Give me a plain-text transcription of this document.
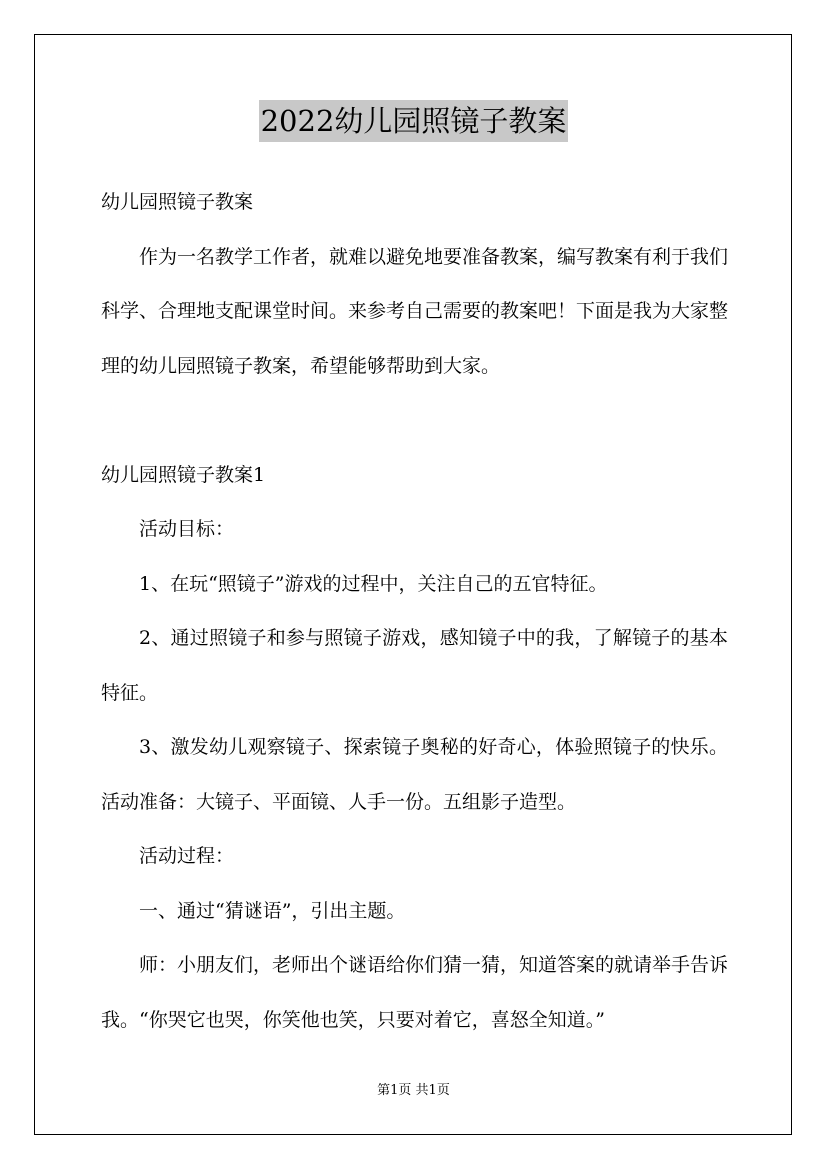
2022幼儿园照镜子教案

幼儿园照镜子教案

作为一名教学工作者，就难以避免地要准备教案，编写教案有利于我们科学、合理地支配课堂时间。来参考自己需要的教案吧！下面是我为大家整理的幼儿园照镜子教案，希望能够帮助到大家。

幼儿园照镜子教案1

活动目标：

1、在玩“照镜子”游戏的过程中，关注自己的五官特征。

2、通过照镜子和参与照镜子游戏，感知镜子中的我，了解镜子的基本特征。

3、激发幼儿观察镜子、探索镜子奥秘的好奇心，体验照镜子的快乐。活动准备：大镜子、平面镜、人手一份。五组影子造型。

活动过程：

一、通过“猜谜语”，引出主题。

师：小朋友们，老师出个谜语给你们猜一猜，知道答案的就请举手告诉我。“你哭它也哭，你笑他也笑，只要对着它，喜怒全知道。”

第1页 共1页
